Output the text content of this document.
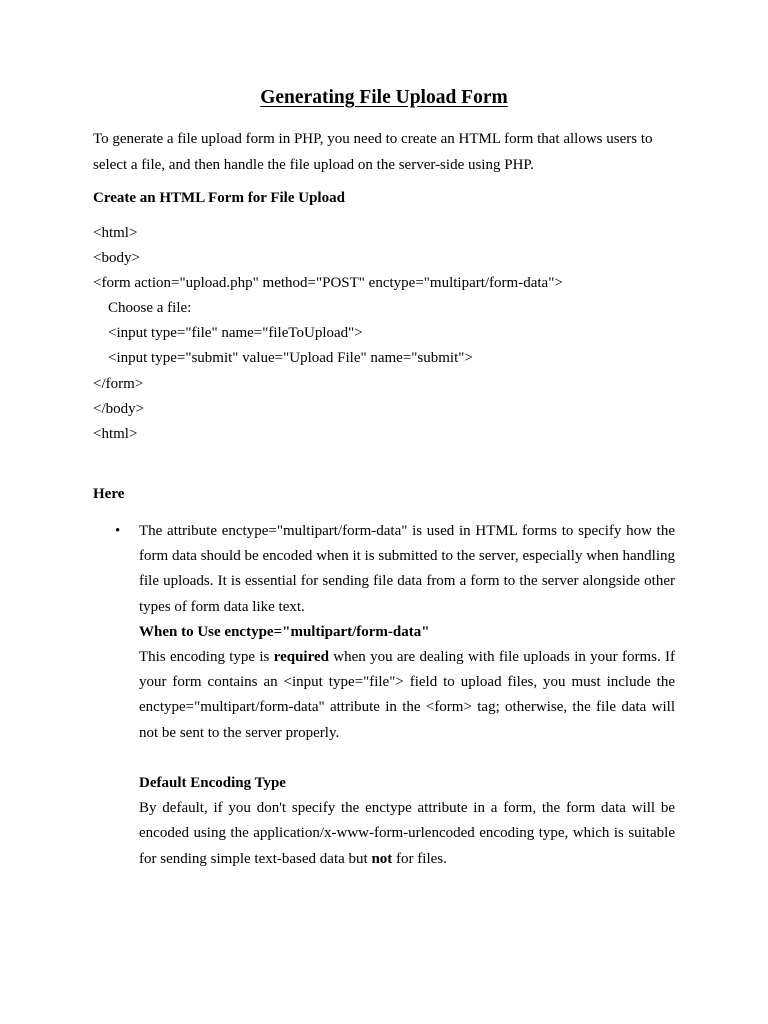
Generating File Upload Form

To generate a file upload form in PHP, you need to create an HTML form that allows users to select a file, and then handle the file upload on the server-side using PHP.

Create an HTML Form for File Upload

<html>
<body>
<form action="upload.php" method="POST" enctype="multipart/form-data">
Choose a file:
<input type="file" name="fileToUpload">
<input type="submit" value="Upload File" name="submit">
</form>
</body>
<html>

Here

• The attribute enctype="multipart/form-data" is used in HTML forms to specify how the form data should be encoded when it is submitted to the server, especially when handling file uploads. It is essential for sending file data from a form to the server alongside other types of form data like text.

When to Use enctype="multipart/form-data"

This encoding type is required when you are dealing with file uploads in your forms. If your form contains an <input type="file"> field to upload files, you must include the enctype="multipart/form-data" attribute in the <form> tag; otherwise, the file data will not be sent to the server properly.

Default Encoding Type

By default, if you don't specify the enctype attribute in a form, the form data will be encoded using the application/x-www-form-urlencoded encoding type, which is suitable for sending simple text-based data but not for files.
